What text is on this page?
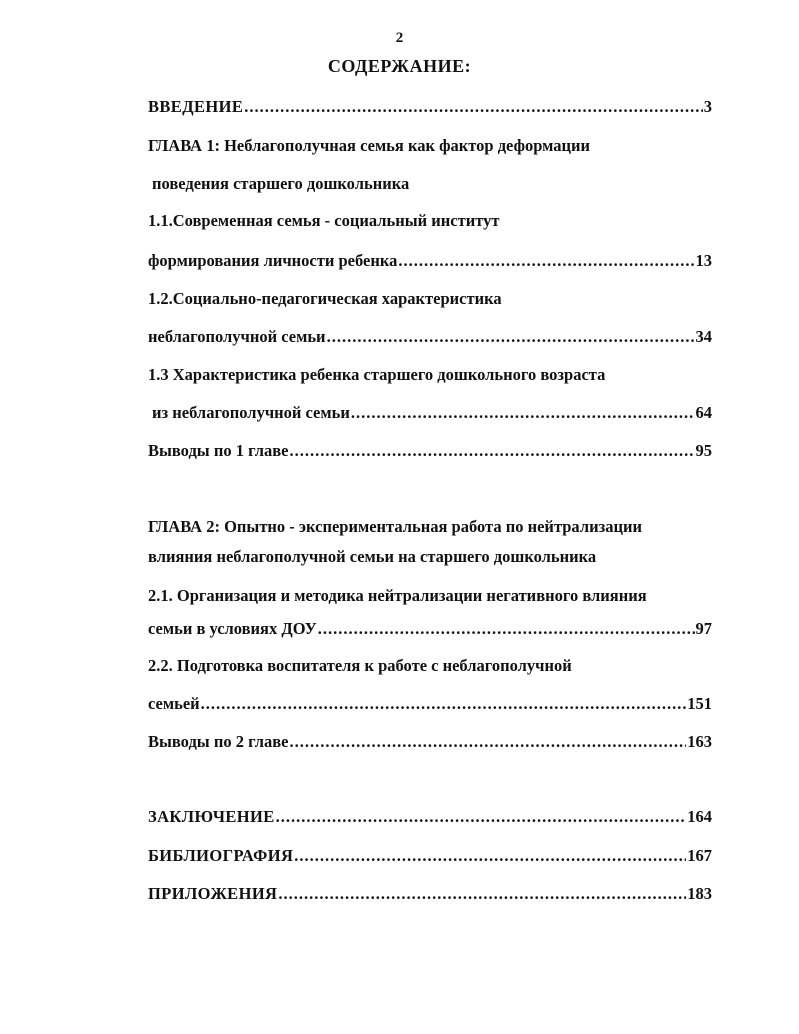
2
СОДЕРЖАНИЕ:
ВВЕДЕНИЕ .....	3
ГЛАВА 1: Неблагополучная семья как фактор деформации
поведения старшего дошкольника
1.1.Современная семья - социальный институт
формирования личности ребенка .....	13
1.2.Социально-педагогическая характеристика
неблагополучной семьи .....	34
1.3 Характеристика ребенка старшего дошкольного возраста
из неблагополучной семьи .....	64
Выводы по 1 главе .....	95
ГЛАВА 2: Опытно - экспериментальная работа по нейтрализации
влияния неблагополучной семьи на старшего дошкольника
2.1. Организация и методика нейтрализации негативного влияния
семьи в условиях ДОУ .....	97
2.2. Подготовка воспитателя к работе с неблагополучной
семьей .....	151
Выводы по 2 главе .....	163
ЗАКЛЮЧЕНИЕ .....	164
БИБЛИОГРАФИЯ .....	167
ПРИЛОЖЕНИЯ .....	183
